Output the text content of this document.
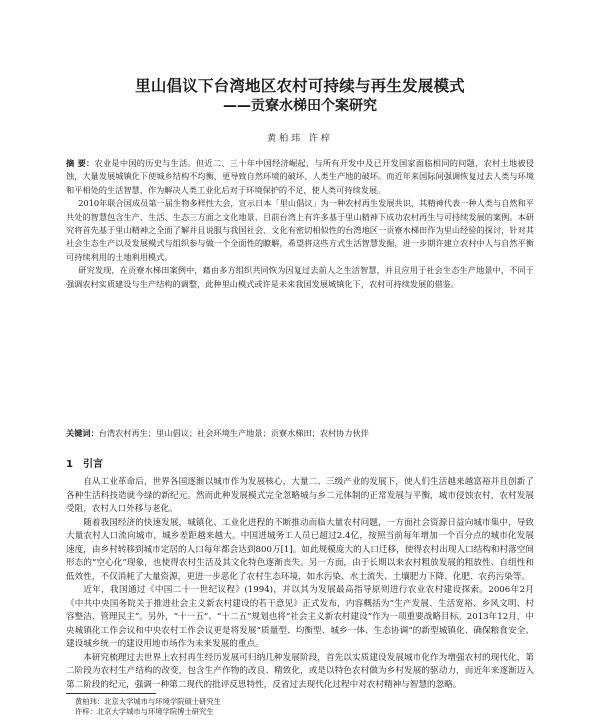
里山倡议下台湾地区农村可持续与再生发展模式
——贡寮水梯田个案研究
黄柏玮 许梓

摘 要：农业是中国的历史与生活。但近二、三十年中国经济崛起，与所有开发中及已开发国家面临相同的问题，农村土地被侵蚀，大量发展城镇化下使城乡结构不均衡，更导致自然环境的破坏、人类生产地的破坏。而近年来国际间强调恢复过去人类与环境和平相处的生活智慧，作为解决人类工业化后对于环境保护的不足，使人类可持续发展。

2010年联合国成员第一届生物多样性大会，宣示日本「里山倡议」为一种农村再生发展共识，其精神代表一种人类与自然和平共处的智慧包含生产、生活、生态三方面之文化地景，目前台湾上有许多基于里山精神下成功农村再生与可持续发展的案例。本研究将首先基于里山精神之全面了解并且说服与我国社会、文化有密切相似性的台湾地区一贡寮水梯田作为里山经验的探讨，针对其社会生态生产以及发展模式与组织参与做一个全面性的瞭解，希望将这些方式生活智慧发掘，进一步期许建立农村中人与自然平衡可持续利用的土地利用模式。

研究发现，在贡寮水梯田案例中，藉由多方组织共同恢为因复过去前人之生活智慧，并且应用于社会生态生产地景中，不同于强调农村实质建设与生产结构的调整，此种里山模式或许是未来我国发展城镇化下，农村可持续发展的借鉴。

关键词：台湾农村再生；里山倡议；社会环境生产地景；贡寮水梯田；农村协力伙伴
1 引言

自从工业革命后，世界各国逐渐以城市作为发展核心，大量二、三级产业的发展下，使人们生活越来越富裕并且创新了各种生活科技造就今绿的新纪元。然而此种发展模式完全忽略城与乡二元体制的正常发展与平衡，城市侵蚀农村，农村发展受阻，农村人口外移与老化。

随着我国经济的快速发展，城镇化、工业化进程的不断推动而临大量农村问题，一方面社会资源日益向城市集中，导致大量农村人口流向城市，城乡差距越来越大。中国进城务工人员已超过2.4亿，按照当前每年增加一个百分点的城市化发展速度，由乡村转移到城市定居的人口每年都会达到800万[1]。如此规模庞大的人口迁移，使得农村出现人口结构和村落空间形态的“空心化”现象，也使得农村生活及其文化特色逐渐丧失。另一方面，由于长期以来农村粗放发展的粗放性、自组性和低效性，不仅消耗了大量资源，更进一步恶化了农村生态环境，如水污染、水土流失、土壤肥力下降、化肥、农药污染等。

近年，我国通过《中国二十一世纪议程》(1994)，并以其为发展最高指导原则进行农业农村建设探索。2006年2月《中共中央国务院关于推进社会主义新农村建设的若干意见》正式发布，内容概括为“生产发展、生活宽裕、乡风文明、村容整洁、管理民主”。另外，“十一五”、“十二五”规划也将“社会主义新农村建设”作为一项重要战略目标。2013年12月，中央城镇化工作会议和中央农村工作会议更是将发展“质量型、均衡型、城乡一体、生态协调”的新型城镇化、确保粮食安全、建设城乡统一的建设用地市场作为未来发展的重点。

本研究梳理过去世界上农村再生经历发展可归纳几种发展阶段，首先以实质建设发展城市化作为增强农村的现代化，第二阶段为农村生产结构的改变，包含生产作物的改良、精致化，或是以特色农村做为乡村发展的驱动力，而近年来逐渐迈入第二阶段的纪元，强调一种第二现代的批评反思特性，反省过去现代化过程中对农村精神与智慧的忽略。

黄柏玮：北京大学城市与环境学院硕士研究生
许梓：北京大学城市与环境学院博士研究生
